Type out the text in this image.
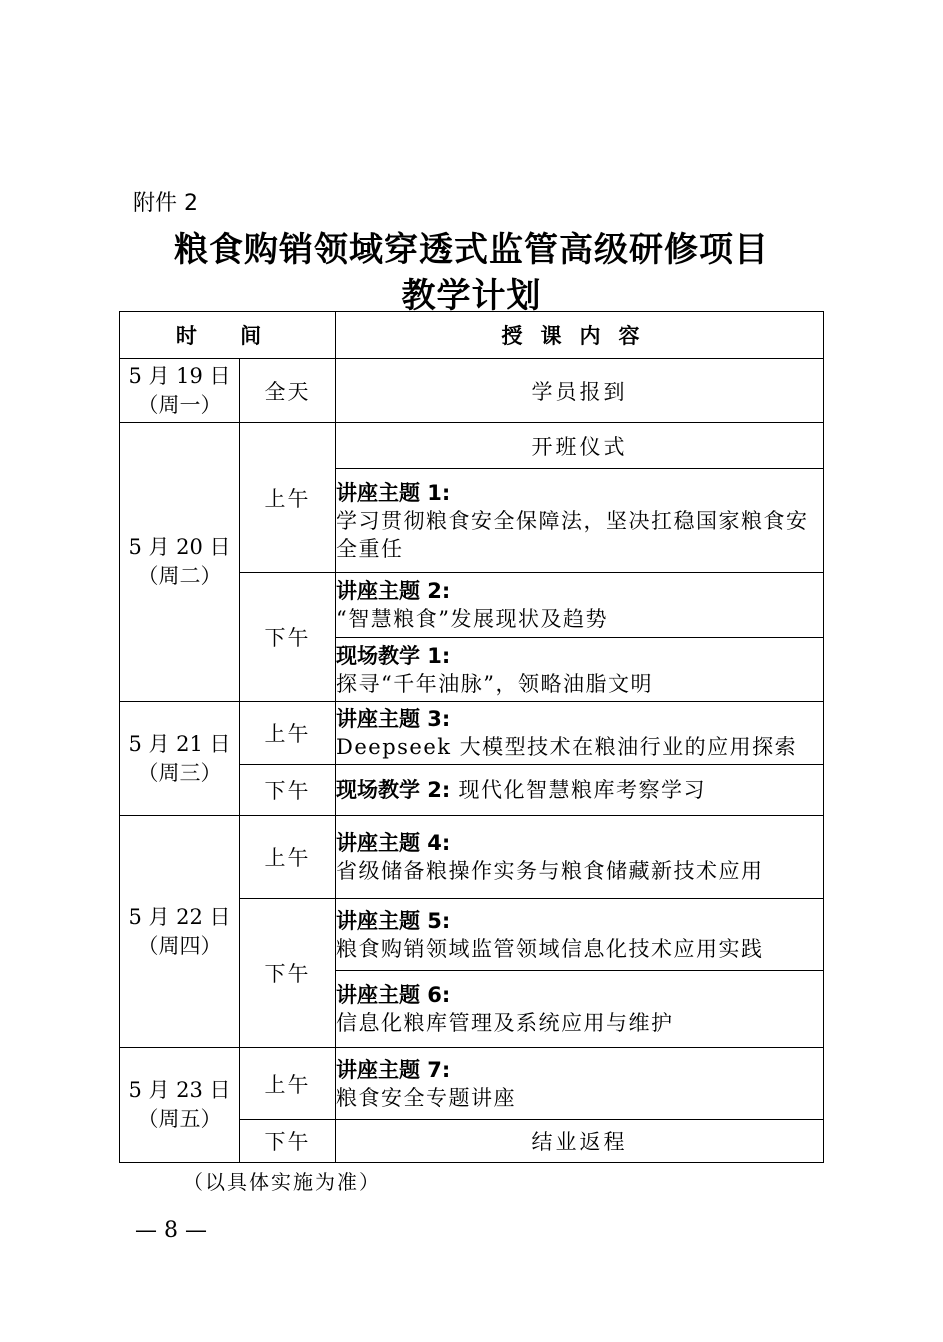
附件 2
粮食购销领域穿透式监管高级研修项目
教学计划
时 间		授课内容
5 月 19 日
（周一）	全天	学员报到
5 月 20 日
（周二）	上午	开班仪式
		讲座主题 1:
学习贯彻粮食安全保障法，坚决扛稳国家粮食安全重任
	下午	讲座主题 2:
“智慧粮食”发展现状及趋势
		现场教学 1:
探寻“千年油脉”，领略油脂文明
5 月 21 日
（周三）	上午	讲座主题 3:
Deepseek 大模型技术在粮油行业的应用探索
	下午	现场教学 2: 现代化智慧粮库考察学习
5 月 22 日
（周四）	上午	讲座主题 4:
省级储备粮操作实务与粮食储藏新技术应用
	下午	讲座主题 5:
粮食购销领域监管领域信息化技术应用实践
		讲座主题 6:
信息化粮库管理及系统应用与维护
5 月 23 日
（周五）	上午	讲座主题 7:
粮食安全专题讲座
	下午	结业返程
（以具体实施为准）
— 8 —
